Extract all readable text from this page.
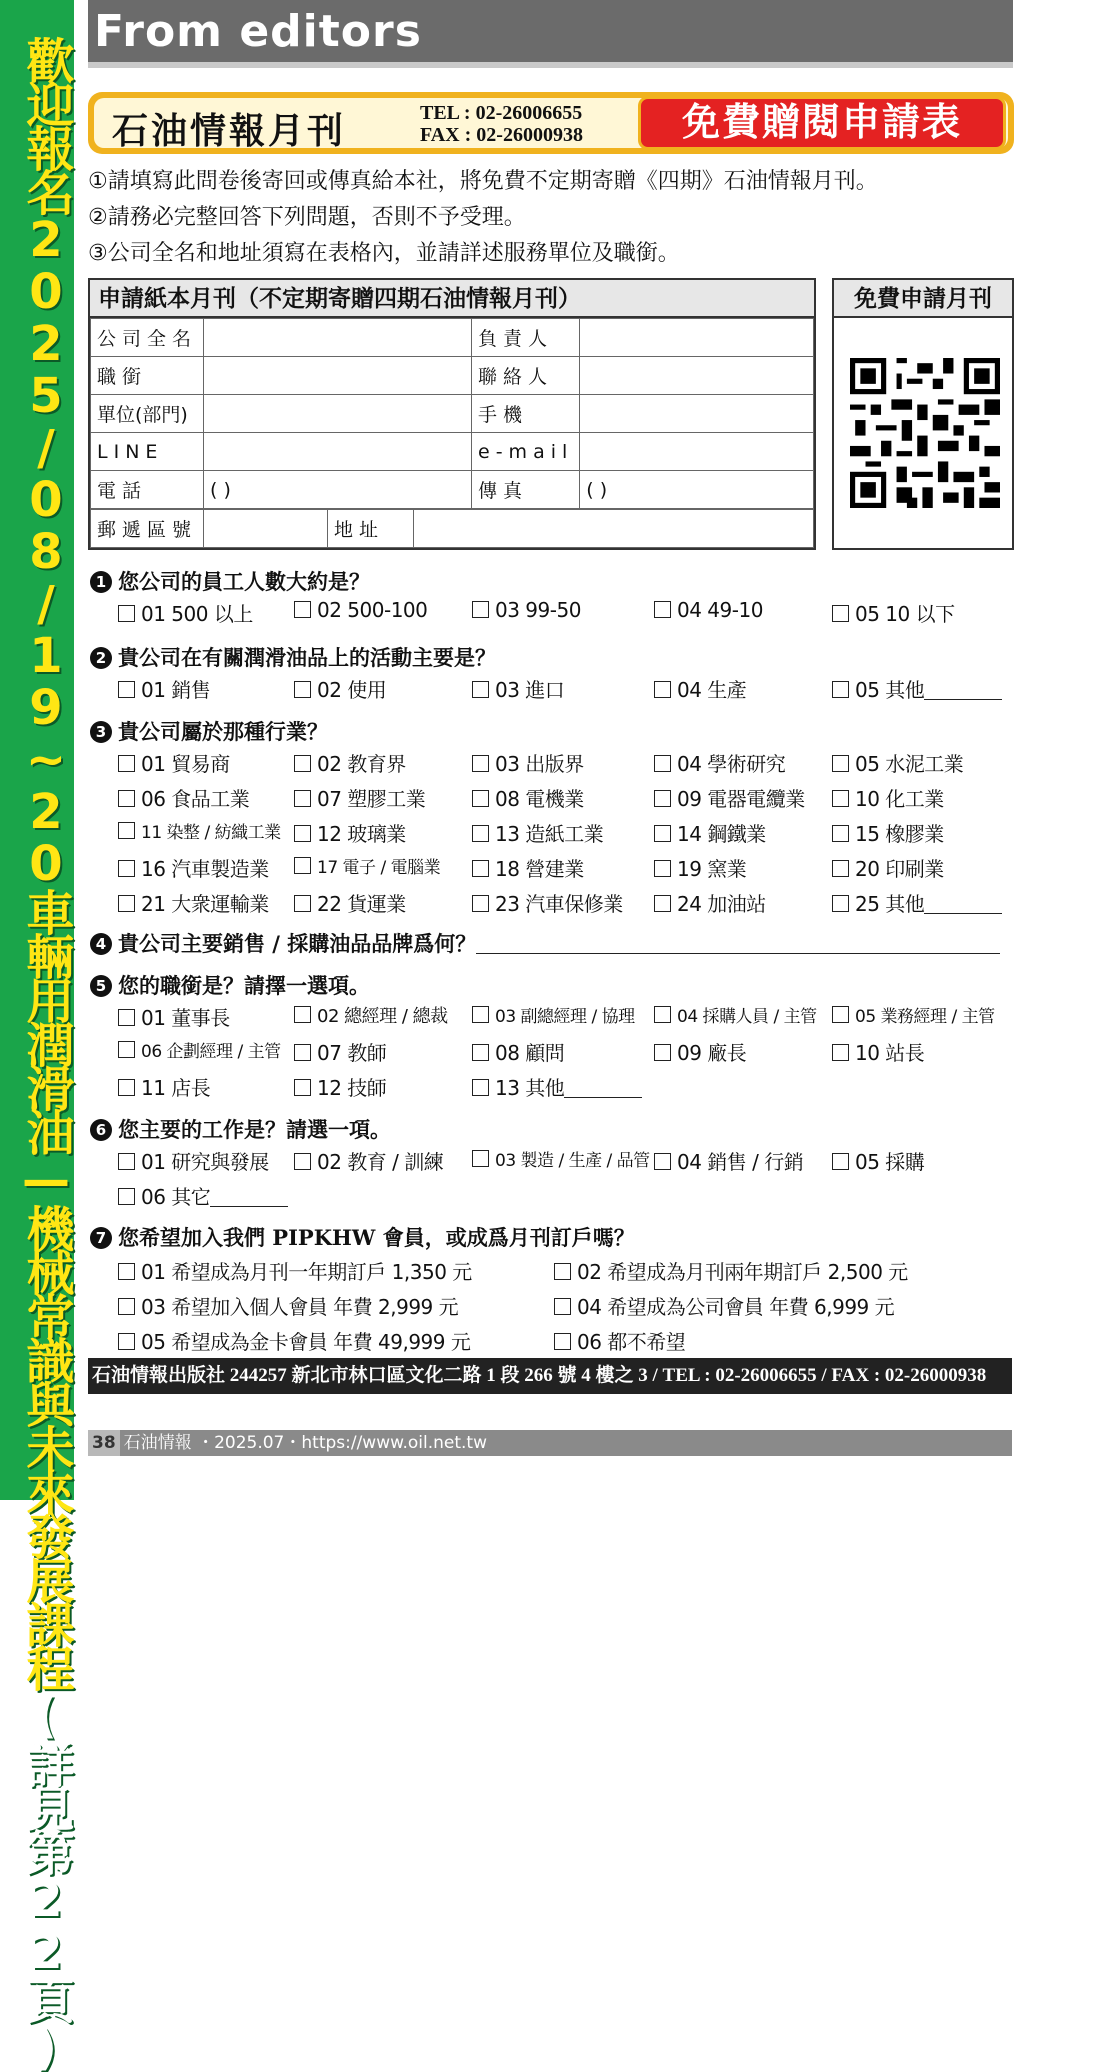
歡迎報名2025/08/19~20車輛用潤滑油—機械常識與未來發展課程(詳見第22頁)
From editors
石油情報月刊	TEL : 02-26006655
FAX : 02-26000938	免費贈閱申請表
①請填寫此問卷後寄回或傳真給本社，將免費不定期寄贈《四期》石油情報月刊。
②請務必完整回答下列問題，否則不予受理。
③公司全名和地址須寫在表格內，並請詳述服務單位及職銜。
申請紙本月刊（不定期寄贈四期石油情報月刊）
公司全名		負責人	
職銜		聯絡人	
單位(部門)		手機	
LINE		e-mail	
電話	( )	傳真	( )
郵遞區號		地址	
免費申請月刊
1 您公司的員工人數大約是？
01 500 以上	02 500-100	03 99-50	04 49-10	05 10 以下
2 貴公司在有關潤滑油品上的活動主要是？
01 銷售	02 使用	03 進口	04 生產	05 其他
3 貴公司屬於那種行業？
01 貿易商	02 教育界	03 出版界	04 學術研究	05 水泥工業
06 食品工業	07 塑膠工業	08 電機業	09 電器電纜業	10 化工業
11 染整 / 紡織工業	12 玻璃業	13 造紙工業	14 鋼鐵業	15 橡膠業
16 汽車製造業	17 電子 / 電腦業	18 營建業	19 窯業	20 印刷業
21 大衆運輸業	22 貨運業	23 汽車保修業	24 加油站	25 其他
4 貴公司主要銷售 / 採購油品品牌爲何？
5 您的職銜是？請擇一選項。
01 董事長	02 總經理 / 總裁	03 副總經理 / 協理	04 採購人員 / 主管	05 業務經理 / 主管
06 企劃經理 / 主管	07 教師	08 顧問	09 廠長	10 站長
11 店長	12 技師	13 其他
6 您主要的工作是？請選一項。
01 研究與發展	02 教育 / 訓練	03 製造 / 生產 / 品管	04 銷售 / 行銷	05 採購
06 其它
7 您希望加入我們 PIPKHW 會員，或成爲月刊訂戶嗎？
01 希望成為月刊一年期訂戶 1,350 元	02 希望成為月刊兩年期訂戶 2,500 元
03 希望加入個人會員 年費 2,999 元	04 希望成為公司會員 年費 6,999 元
05 希望成為金卡會員 年費 49,999 元	06 都不希望
石油情報出版社 244257 新北市林口區文化二路 1 段 266 號 4 樓之 3 / TEL : 02-26006655 / FAX : 02-26000938
38 石油情報 ・2025.07・https://www.oil.net.tw
